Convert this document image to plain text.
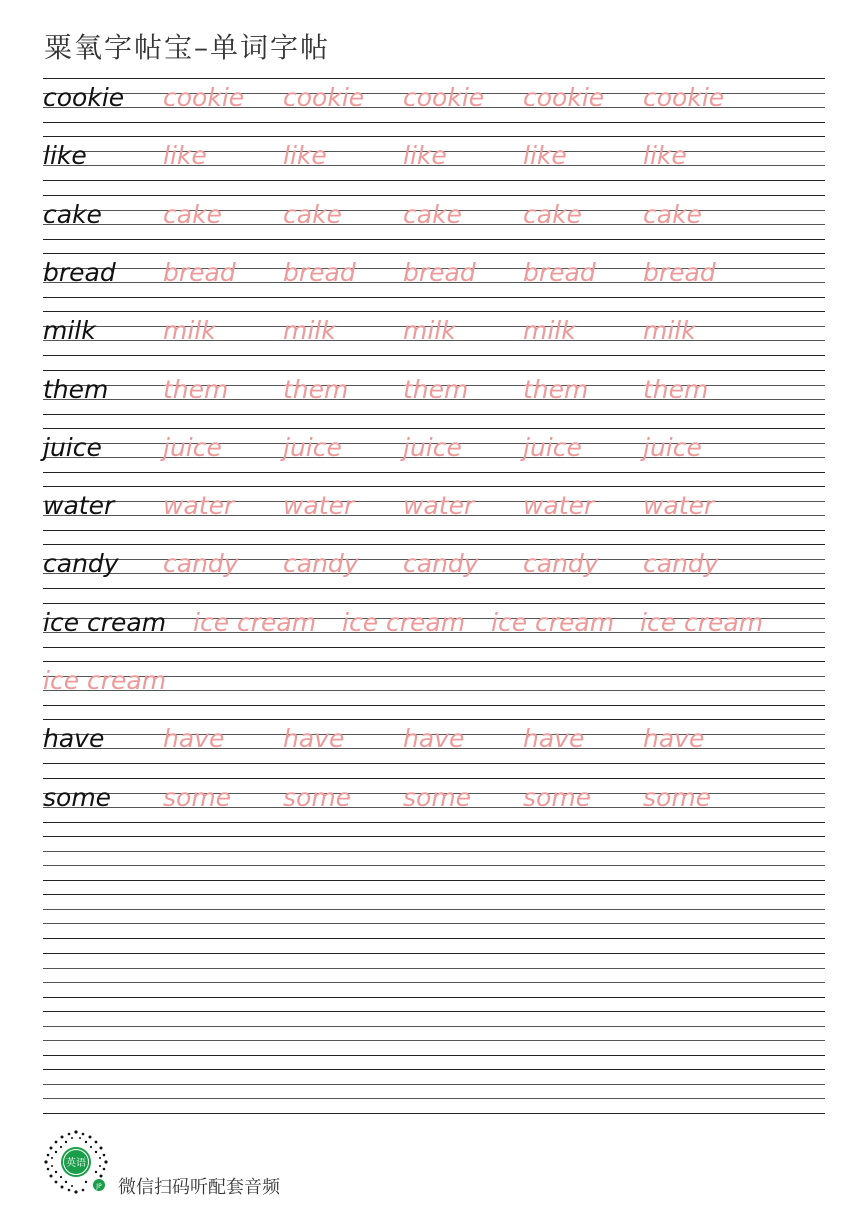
粟氧字帖宝–单词字帖
cookie cookie cookie cookie cookie cookie
like	like	like	like	like	like
cake cake cake cake cake cake
bread bread bread bread bread bread
milk	milk	milk	milk	milk	milk
them them them them them them
juice juice juice juice juice juice
water water water water water water
candy candy candy candy candy candy
ice cream ice cream ice cream ice cream ice cream
ice cream
have have have have have have
some some some some some some
英语
JP 微信扫码听配套音频
